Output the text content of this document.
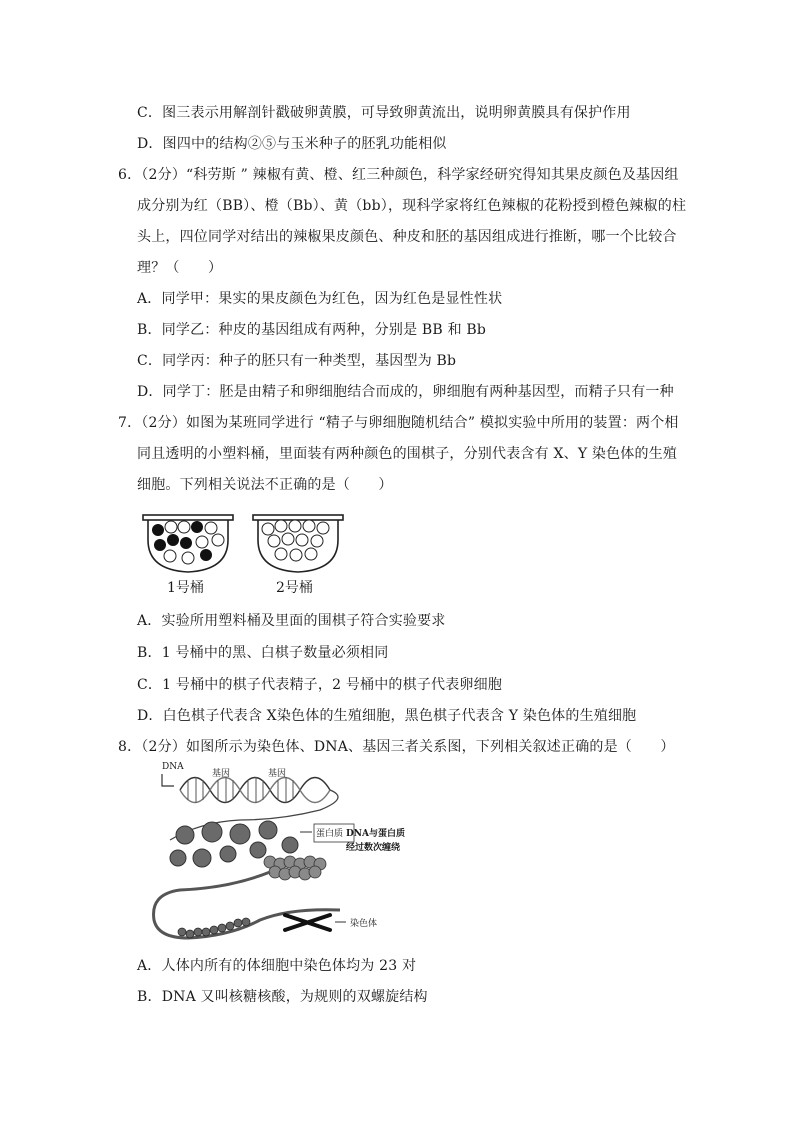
C．图三表示用解剖针戳破卵黄膜，可导致卵黄流出，说明卵黄膜具有保护作用
D．图四中的结构②⑤与玉米种子的胚乳功能相似
6．（2分）“科劳斯 ” 辣椒有黄、橙、红三种颜色，科学家经研究得知其果皮颜色及基因组
成分别为红（BB）、橙（Bb）、黄（bb），现科学家将红色辣椒的花粉授到橙色辣椒的柱
头上，四位同学对结出的辣椒果皮颜色、种皮和胚的基因组成进行推断，哪一个比较合
理？（　　）
A．同学甲：果实的果皮颜色为红色，因为红色是显性性状
B．同学乙：种皮的基因组成有两种，分别是 BB 和 Bb
C．同学丙：种子的胚只有一种类型，基因型为 Bb
D．同学丁：胚是由精子和卵细胞结合而成的，卵细胞有两种基因型，而精子只有一种
7．（2分）如图为某班同学进行 “精子与卵细胞随机结合” 模拟实验中所用的装置：两个相
同且透明的小塑料桶，里面装有两种颜色的围棋子，分别代表含有 X、Y 染色体的生殖
细胞。下列相关说法不正确的是（　　）
1号桶	2号桶
A．实验所用塑料桶及里面的围棋子符合实验要求
B．1 号桶中的黑、白棋子数量必须相同
C．1 号桶中的棋子代表精子，2 号桶中的棋子代表卵细胞
D．白色棋子代表含 X染色体的生殖细胞，黑色棋子代表含 Y 染色体的生殖细胞
8．（2分）如图所示为染色体、DNA、基因三者关系图，下列相关叙述正确的是（　　）
DNA
基因	基因
蛋白质 DNA与蛋白质
经过数次缠绕
染色体
A．人体内所有的体细胞中染色体均为 23 对
B．DNA 又叫核糖核酸，为规则的双螺旋结构
